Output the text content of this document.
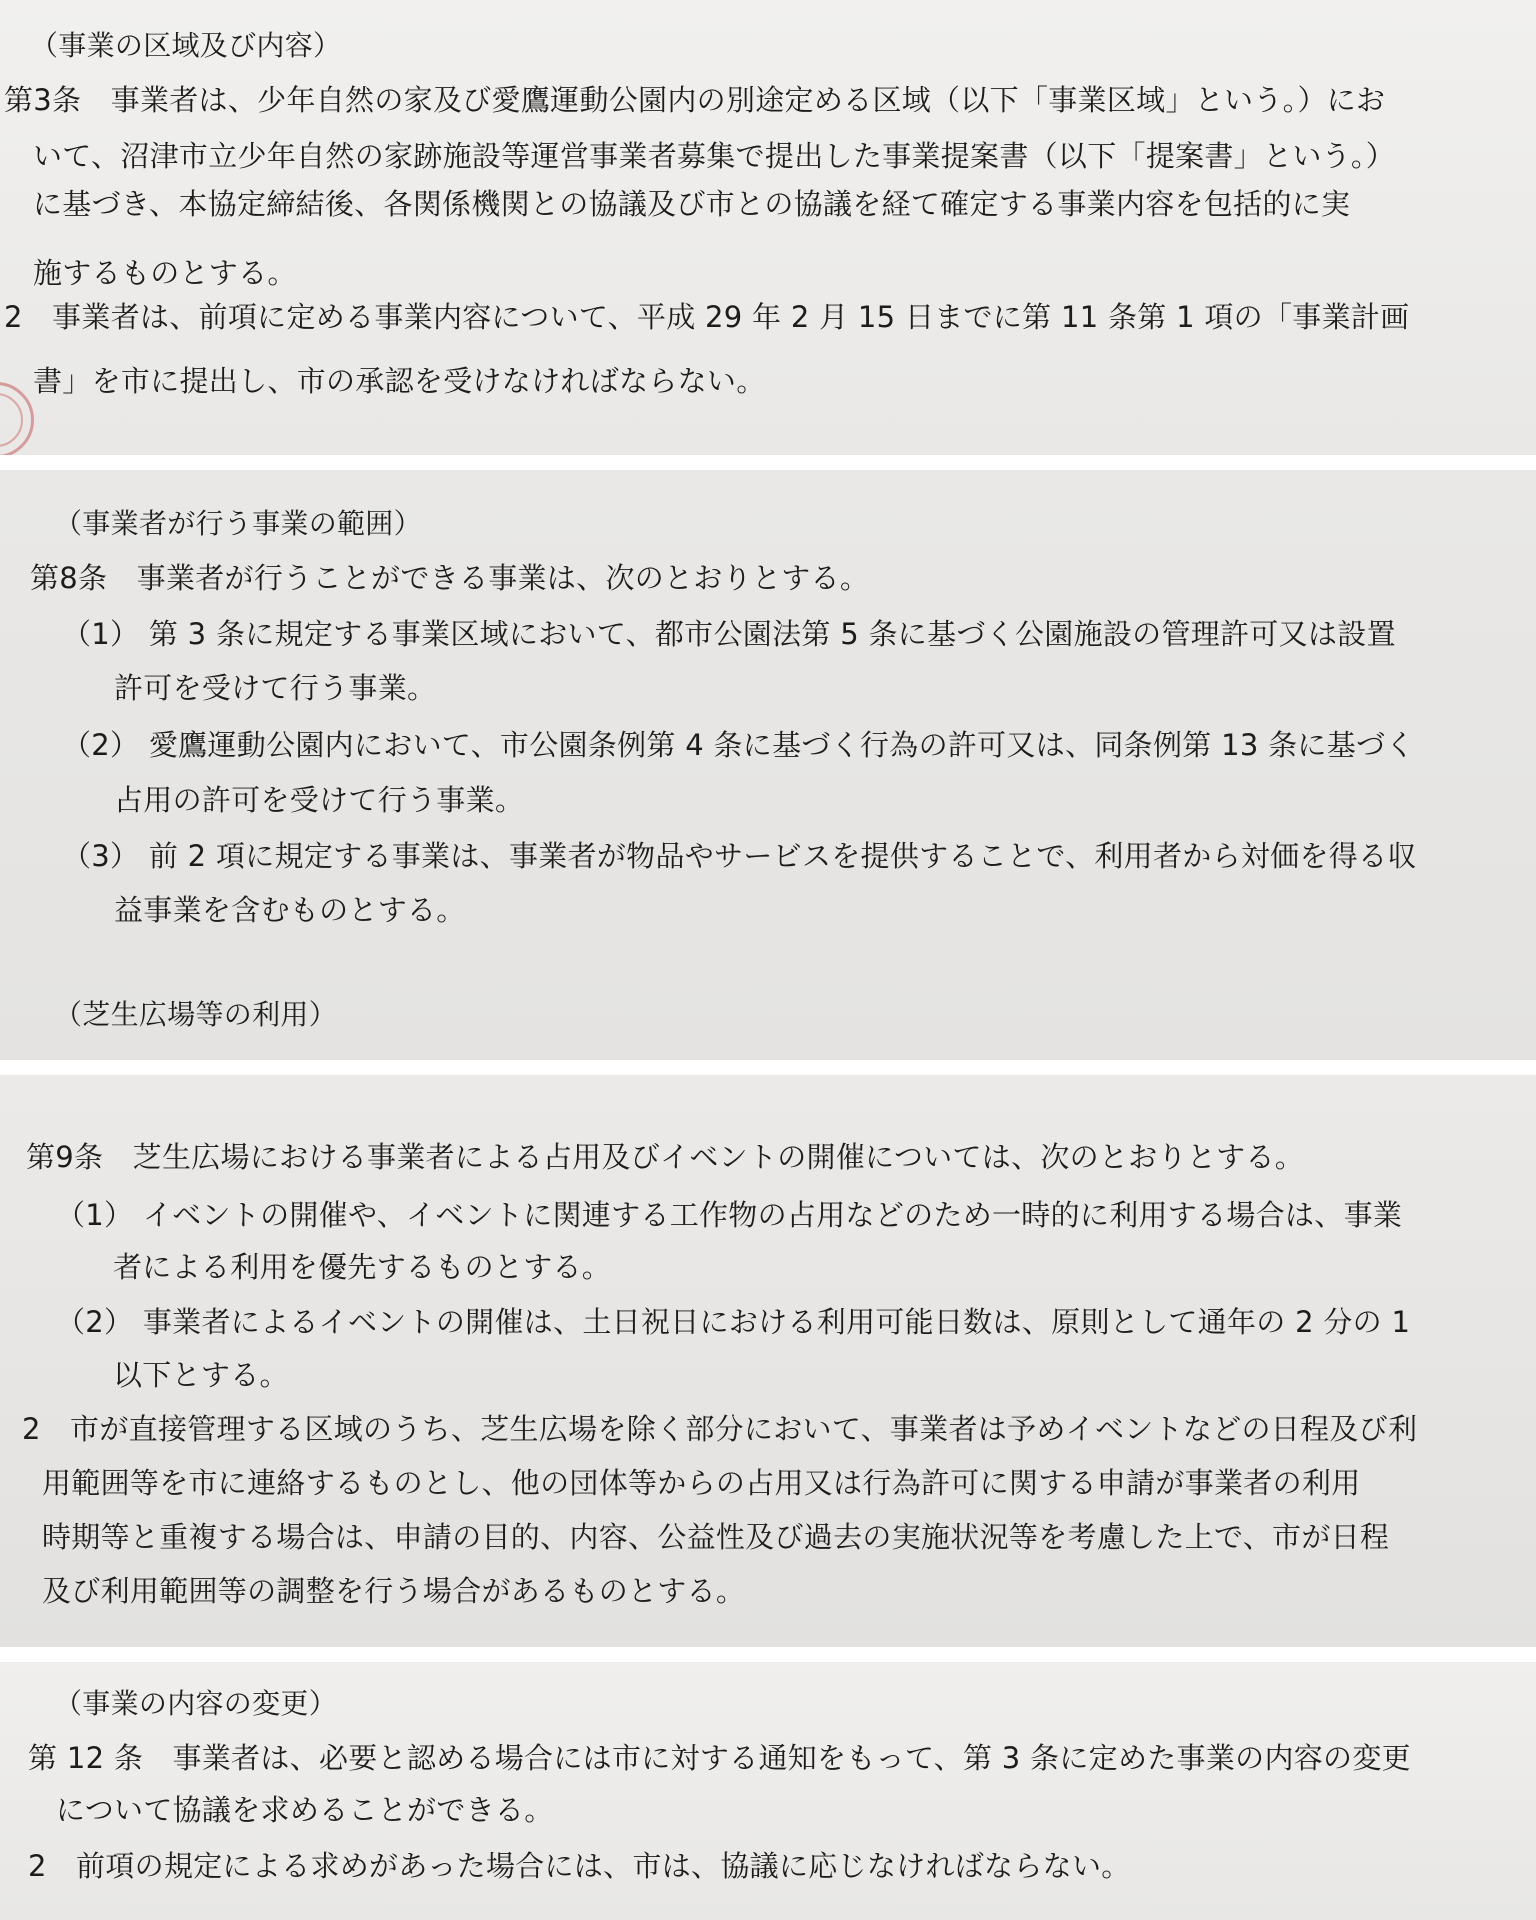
（事業の区域及び内容）
第3条　事業者は、少年自然の家及び愛鷹運動公園内の別途定める区域（以下「事業区域」という。）にお
いて、沼津市立少年自然の家跡施設等運営事業者募集で提出した事業提案書（以下「提案書」という。）
に基づき、本協定締結後、各関係機関との協議及び市との協議を経て確定する事業内容を包括的に実
施するものとする。
2　事業者は、前項に定める事業内容について、平成 29 年 2 月 15 日までに第 11 条第 1 項の「事業計画
書」を市に提出し、市の承認を受けなければならない。
（事業者が行う事業の範囲）
第8条　事業者が行うことができる事業は、次のとおりとする。
（1） 第 3 条に規定する事業区域において、都市公園法第 5 条に基づく公園施設の管理許可又は設置
許可を受けて行う事業。
（2） 愛鷹運動公園内において、市公園条例第 4 条に基づく行為の許可又は、同条例第 13 条に基づく
占用の許可を受けて行う事業。
（3） 前 2 項に規定する事業は、事業者が物品やサービスを提供することで、利用者から対価を得る収
益事業を含むものとする。
（芝生広場等の利用）
第9条　芝生広場における事業者による占用及びイベントの開催については、次のとおりとする。
（1） イベントの開催や、イベントに関連する工作物の占用などのため一時的に利用する場合は、事業
者による利用を優先するものとする。
（2） 事業者によるイベントの開催は、土日祝日における利用可能日数は、原則として通年の 2 分の 1
以下とする。
2　市が直接管理する区域のうち、芝生広場を除く部分において、事業者は予めイベントなどの日程及び利
用範囲等を市に連絡するものとし、他の団体等からの占用又は行為許可に関する申請が事業者の利用
時期等と重複する場合は、申請の目的、内容、公益性及び過去の実施状況等を考慮した上で、市が日程
及び利用範囲等の調整を行う場合があるものとする。
（事業の内容の変更）
第 12 条　事業者は、必要と認める場合には市に対する通知をもって、第 3 条に定めた事業の内容の変更
について協議を求めることができる。
2　前項の規定による求めがあった場合には、市は、協議に応じなければならない。
